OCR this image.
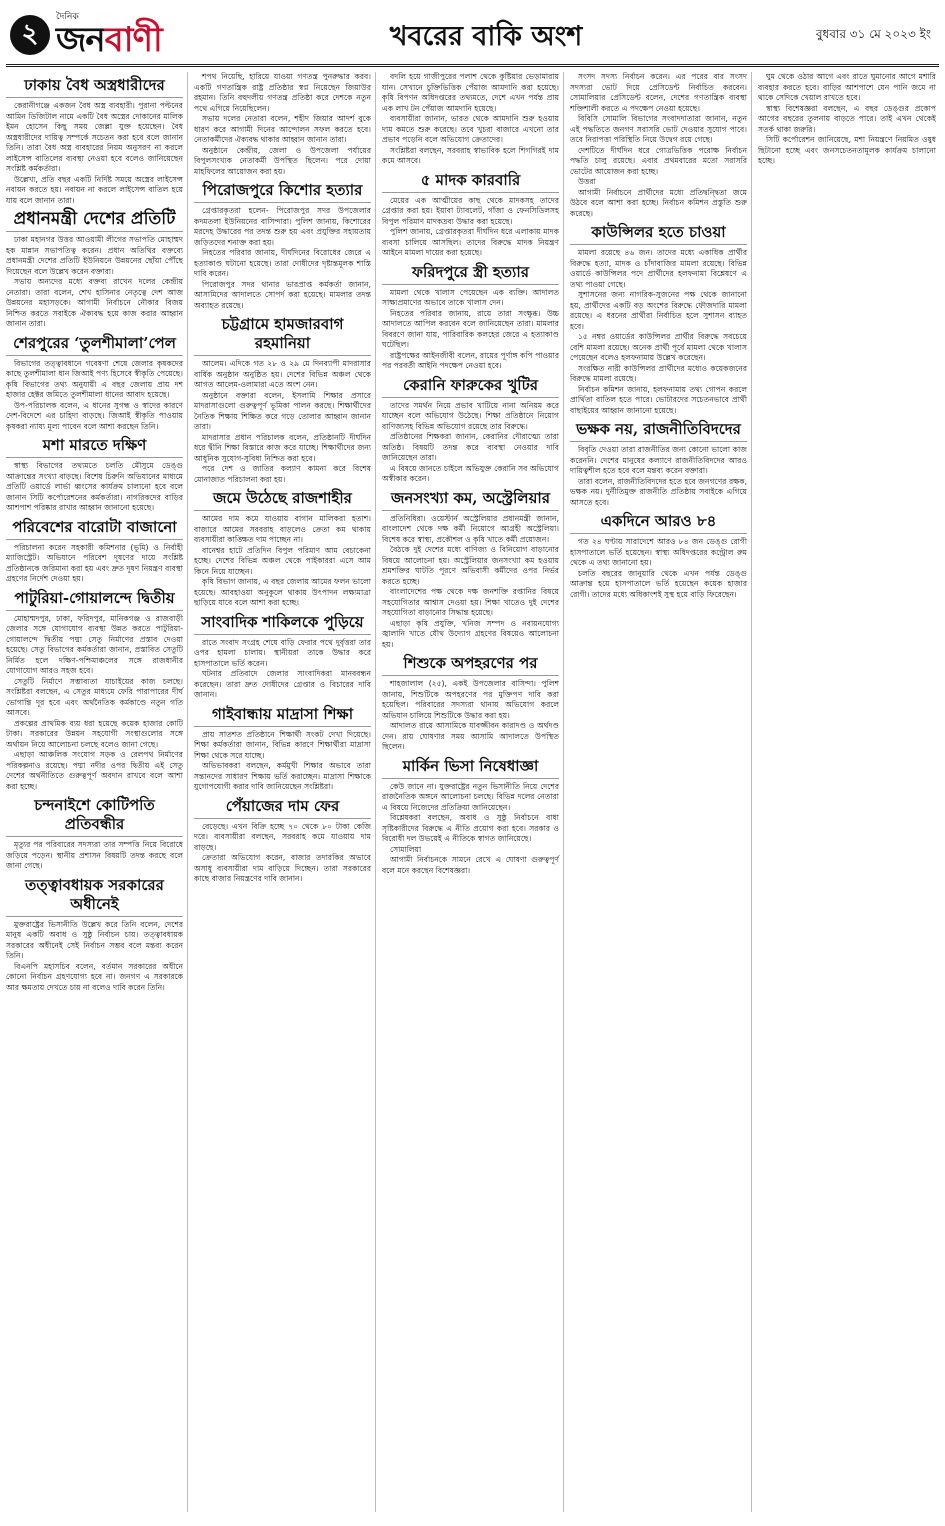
২
দৈনিক
জনবাণী	খবরের বাকি অংশ	বুধবার ৩১ মে ২০২৩ ইং
ঢাকায় বৈধ অস্ত্রধারীদের

কেরানীগঞ্জে একজন বৈধ অস্ত্র ব্যবহারী। পুরানা পল্টনের আমিন ডিজিটাল নামে একটি বৈধ অস্ত্রের দোকানের মালিক ইমন হোসেন কিছু সময় জেল্লা যুক্ত হয়েছেন। বৈধ অস্ত্রধারীদের দায়িত্ব সম্পর্কে সচেতন করা হবে বলে জানান তিনি। তারা বৈধ অস্ত্র ব্যবহারের নিয়ম অনুসরণ না করলে লাইসেন্স বাতিলের ব্যবস্থা নেওয়া হবে বলেও জানিয়েছেন সংশ্লিষ্ট কর্মকর্তারা।

উল্লেখ্য, প্রতি বছর একটি নির্দিষ্ট সময়ে অস্ত্রের লাইসেন্স নবায়ন করতে হয়। নবায়ন না করলে লাইসেন্স বাতিল হয়ে যায় বলে জানান তারা।

প্রধানমন্ত্রী দেশের প্রতিটি

ঢাকা মহানগর উত্তর আওয়ামী লীগের সভাপতি মোহাম্মদ হক মান্নান সভাপতিত্ব করেন। প্রধান অতিথির বক্তব্যে প্রধানমন্ত্রী দেশের প্রতিটি ইউনিয়নে উন্নয়নের ছোঁয়া পৌঁছে দিয়েছেন বলে উল্লেখ করেন বক্তারা।

সভায় অন্যদের মধ্যে বক্তব্য রাখেন দলের কেন্দ্রীয় নেতারা। তারা বলেন, শেখ হাসিনার নেতৃত্বে দেশ আজ উন্নয়নের মহাসড়কে। আগামী নির্বাচনে নৌকার বিজয় নিশ্চিত করতে সবাইকে ঐক্যবদ্ধ হয়ে কাজ করার আহ্বান জানান তারা।

শেরপুরের ‘তুলশীমালা’পেল

বিভাগের তত্ত্বাবধানে গবেষণা শেষে জেলার কৃষকদের কাছে তুলশীমালা ধান জিআই পণ্য হিসেবে স্বীকৃতি পেয়েছে। কৃষি বিভাগের তথ্য অনুযায়ী এ বছর জেলায় প্রায় দশ হাজার হেক্টর জমিতে তুলশীমালা ধানের আবাদ হয়েছে।

উপ-পরিচালক বলেন, এ ধানের সুগন্ধ ও স্বাদের কারণে দেশ-বিদেশে এর চাহিদা বাড়ছে। জিআই স্বীকৃতি পাওয়ায় কৃষকরা ন্যায্য মূল্য পাবেন বলে আশা করছেন তিনি।

মশা মারতে দক্ষিণ

স্বাস্থ্য বিভাগের তথ্যমতে চলতি মৌসুমে ডেঙ্গু আক্রান্তের সংখ্যা বাড়ছে। বিশেষ চিরুনি অভিযানের মাধ্যমে প্রতিটি ওয়ার্ডে লার্ভা ধ্বংসের কার্যক্রম চালানো হবে বলে জানান সিটি কর্পোরেশনের কর্মকর্তারা। নাগরিকদের বাড়ির আশপাশ পরিষ্কার রাখার আহ্বান জানানো হয়েছে।

পরিবেশের বারোটা বাজানো

পরিচালনা করেন সহকারী কমিশনার (ভূমি) ও নির্বাহী ম্যাজিস্ট্রেট। অভিযানে পরিবেশ দূষণের দায়ে সংশ্লিষ্ট প্রতিষ্ঠানকে জরিমানা করা হয় এবং দ্রুত দূষণ নিয়ন্ত্রণ ব্যবস্থা গ্রহণের নির্দেশ দেওয়া হয়।

পাটুরিয়া-গোয়ালন্দে দ্বিতীয়

মোহাম্মদপুর, ঢাকা, ফরিদপুর, মানিকগঞ্জ ও রাজবাড়ী জেলার সঙ্গে যোগাযোগ ব্যবস্থা উন্নত করতে পাটুরিয়া-গোয়ালন্দে দ্বিতীয় পদ্মা সেতু নির্মাণের প্রস্তাব দেওয়া হয়েছে। সেতু বিভাগের কর্মকর্তারা জানান, প্রস্তাবিত সেতুটি নির্মিত হলে দক্ষিণ-পশ্চিমাঞ্চলের সঙ্গে রাজধানীর যোগাযোগ আরও সহজ হবে।

সেতুটি নির্মাণে সম্ভাব্যতা যাচাইয়ের কাজ চলছে। সংশ্লিষ্টরা বলছেন, এ সেতুর মাধ্যমে ফেরি পারাপারের দীর্ঘ ভোগান্তি দূর হবে এবং অর্থনৈতিক কর্মকাণ্ডে নতুন গতি আসবে।

প্রকল্পের প্রাথমিক ব্যয় ধরা হয়েছে কয়েক হাজার কোটি টাকা। সরকারের উন্নয়ন সহযোগী সংস্থাগুলোর সঙ্গে অর্থায়ন নিয়ে আলোচনা চলছে বলেও জানা গেছে।

এছাড়া আঞ্চলিক সংযোগ সড়ক ও রেলপথ নির্মাণের পরিকল্পনাও রয়েছে। পদ্মা নদীর ওপর দ্বিতীয় এই সেতু দেশের অর্থনীতিতে গুরুত্বপূর্ণ অবদান রাখবে বলে আশা করা হচ্ছে।

চন্দনাইশে কোটিপতি প্রতিবন্ধীর

মৃত্যুর পর পরিবারের সদস্যরা তার সম্পত্তি নিয়ে বিরোধে জড়িয়ে পড়েন। স্থানীয় প্রশাসন বিষয়টি তদন্ত করছে বলে জানা গেছে।

তত্ত্বাবধায়ক সরকারের অধীনেই

মুক্তরাষ্ট্রের ভিসানীতি উল্লেখ করে তিনি বলেন, দেশের মানুষ একটি অবাধ ও সুষ্ঠু নির্বাচন চায়। তত্ত্বাবধায়ক সরকারের অধীনেই সেই নির্বাচন সম্ভব বলে মন্তব্য করেন তিনি।

বিএনপি মহাসচিব বলেন, বর্তমান সরকারের অধীনে কোনো নির্বাচন গ্রহণযোগ্য হবে না। জনগণ এ সরকারকে আর ক্ষমতায় দেখতে চায় না বলেও দাবি করেন তিনি।

শপথ নিয়েছি, হারিয়ে যাওয়া গণতন্ত্র পুনরুদ্ধার করব। একটি গণতান্ত্রিক রাষ্ট্র প্রতিষ্ঠার স্বপ্ন নিয়েছেন জিয়াউর রহমান। তিনি বহুদলীয় গণতন্ত্র প্রতিষ্ঠা করে দেশকে নতুন পথে এগিয়ে নিয়েছিলেন।

সভায় দলের নেতারা বলেন, শহীদ জিয়ার আদর্শ বুকে ধারণ করে আগামী দিনের আন্দোলন সফল করতে হবে। নেতাকর্মীদের ঐক্যবদ্ধ থাকার আহ্বান জানান তারা।

অনুষ্ঠানে কেন্দ্রীয়, জেলা ও উপজেলা পর্যায়ের বিপুলসংখ্যক নেতাকর্মী উপস্থিত ছিলেন। পরে দোয়া মাহফিলের আয়োজন করা হয়।

পিরোজপুরে কিশোর হত্যার

গ্রেপ্তারকৃতরা হলেন- পিরোজপুর সদর উপজেলার কদমতলা ইউনিয়নের বাসিন্দারা। পুলিশ জানায়, কিশোরের মরদেহ উদ্ধারের পর তদন্ত শুরু হয় এবং প্রযুক্তির সহায়তায় জড়িতদের শনাক্ত করা হয়।

নিহতের পরিবার জানায়, দীর্ঘদিনের বিরোধের জেরে এ হত্যাকাণ্ড ঘটানো হয়েছে। তারা দোষীদের দৃষ্টান্তমূলক শাস্তি দাবি করেন।

পিরোজপুর সদর থানার ভারপ্রাপ্ত কর্মকর্তা জানান, আসামিদের আদালতে সোপর্দ করা হয়েছে। মামলার তদন্ত অব্যাহত রয়েছে।

চট্টগ্রামে হামজারবাগ রহমানিয়া

আলেম। এদিকে গত ২৮ ও ২৯ মে দিনব্যাপী মাদরাসার বার্ষিক অনুষ্ঠান অনুষ্ঠিত হয়। দেশের বিভিন্ন অঞ্চল থেকে আগত আলেম-ওলামারা এতে অংশ নেন।

অনুষ্ঠানে বক্তারা বলেন, ইসলামি শিক্ষার প্রসারে মাদরাসাগুলো গুরুত্বপূর্ণ ভূমিকা পালন করছে। শিক্ষার্থীদের নৈতিক শিক্ষায় শিক্ষিত করে গড়ে তোলার আহ্বান জানান তারা।

মাদরাসার প্রধান পরিচালক বলেন, প্রতিষ্ঠানটি দীর্ঘদিন ধরে দ্বীনি শিক্ষা বিস্তারে কাজ করে যাচ্ছে। শিক্ষার্থীদের জন্য আধুনিক সুযোগ-সুবিধা নিশ্চিত করা হবে।

পরে দেশ ও জাতির কল্যাণ কামনা করে বিশেষ মোনাজাত পরিচালনা করা হয়।

জমে উঠেছে রাজশাহীর

আমের দাম কমে যাওয়ায় বাগান মালিকরা হতাশ। বাজারে আমের সরবরাহ বাড়লেও ক্রেতা কম থাকায় ব্যবসায়ীরা কাঙ্ক্ষিত দাম পাচ্ছেন না।

বানেশ্বর হাটে প্রতিদিন বিপুল পরিমাণ আম বেচাকেনা হচ্ছে। দেশের বিভিন্ন অঞ্চল থেকে পাইকাররা এসে আম কিনে নিয়ে যাচ্ছেন।

কৃষি বিভাগ জানায়, এ বছর জেলায় আমের ফলন ভালো হয়েছে। আবহাওয়া অনুকূলে থাকায় উৎপাদন লক্ষ্যমাত্রা ছাড়িয়ে যাবে বলে আশা করা হচ্ছে।

সাংবাদিক শাকিলকে পুড়িয়ে

রাতে সংবাদ সংগ্রহ শেষে বাড়ি ফেরার পথে দুর্বৃত্তরা তার ওপর হামলা চালায়। স্থানীয়রা তাকে উদ্ধার করে হাসপাতালে ভর্তি করেন।

ঘটনার প্রতিবাদে জেলার সাংবাদিকরা মানববন্ধন করেছেন। তারা দ্রুত দোষীদের গ্রেপ্তার ও বিচারের দাবি জানান।

গাইবান্ধায় মাদ্রাসা শিক্ষা

প্রায় সাতশত প্রতিষ্ঠানে শিক্ষার্থী সংকট দেখা দিয়েছে। শিক্ষা কর্মকর্তারা জানান, বিভিন্ন কারণে শিক্ষার্থীরা মাদ্রাসা শিক্ষা থেকে সরে যাচ্ছে।

অভিভাবকরা বলছেন, কর্মমুখী শিক্ষার অভাবে তারা সন্তানদের সাধারণ শিক্ষায় ভর্তি করাচ্ছেন। মাদ্রাসা শিক্ষাকে যুগোপযোগী করার দাবি জানিয়েছেন সংশ্লিষ্টরা।

পেঁয়াজের দাম ফের

বেড়েছে। এখন বিক্রি হচ্ছে ৭০ থেকে ৮০ টাকা কেজি দরে। ব্যবসায়ীরা বলছেন, সরবরাহ কমে যাওয়ায় দাম বাড়ছে।

ক্রেতারা অভিযোগ করেন, বাজার তদারকির অভাবে অসাধু ব্যবসায়ীরা দাম বাড়িয়ে দিচ্ছেন। তারা সরকারের কাছে বাজার নিয়ন্ত্রণের দাবি জানান।

বদলি হয়ে গাজীপুরের পলাশ থেকে কুষ্টিয়ার ভেড়ামারায় যান। সেখানে চুক্তিভিত্তিক পেঁয়াজ আমদানি করা হয়েছে। কৃষি বিপণন অধিদপ্তরের তথ্যমতে, দেশে এখন পর্যন্ত প্রায় এক লাখ টন পেঁয়াজ আমদানি হয়েছে।

ব্যবসায়ীরা জানান, ভারত থেকে আমদানি শুরু হওয়ায় দাম কমতে শুরু করেছে। তবে খুচরা বাজারে এখনো তার প্রভাব পড়েনি বলে অভিযোগ ক্রেতাদের।

সংশ্লিষ্টরা বলছেন, সরবরাহ স্বাভাবিক হলে শিগগিরই দাম কমে আসবে।

৫ মাদক কারবারি

মেয়ের এক আত্মীয়ের কাছ থেকে মাদকসহ তাদের গ্রেপ্তার করা হয়। ইয়াবা ট্যাবলেট, গাঁজা ও ফেনসিডিলসহ বিপুল পরিমাণ মাদকদ্রব্য উদ্ধার করা হয়েছে।

পুলিশ জানায়, গ্রেপ্তারকৃতরা দীর্ঘদিন ধরে এলাকায় মাদক ব্যবসা চালিয়ে আসছিল। তাদের বিরুদ্ধে মাদক নিয়ন্ত্রণ আইনে মামলা দায়ের করা হয়েছে।

ফরিদপুরে স্ত্রী হত্যার

মামলা থেকে খালাস পেয়েছেন এক ব্যক্তি। আদালত সাক্ষ্যপ্রমাণের অভাবে তাকে খালাস দেন।

নিহতের পরিবার জানায়, রায়ে তারা সংক্ষুব্ধ। উচ্চ আদালতে আপিল করবেন বলে জানিয়েছেন তারা। মামলার বিবরণে জানা যায়, পারিবারিক কলহের জেরে এ হত্যাকাণ্ড ঘটেছিল।

রাষ্ট্রপক্ষের আইনজীবী বলেন, রায়ের পূর্ণাঙ্গ কপি পাওয়ার পর পরবর্তী আইনি পদক্ষেপ নেওয়া হবে।

কেরানি ফারুকের খুটির

তাদের সমর্থন নিয়ে প্রভাব খাটিয়ে নানা অনিয়ম করে যাচ্ছেন বলে অভিযোগ উঠেছে। শিক্ষা প্রতিষ্ঠানে নিয়োগ বাণিজ্যসহ বিভিন্ন অভিযোগ রয়েছে তার বিরুদ্ধে।

প্রতিষ্ঠানের শিক্ষকরা জানান, কেরানির দৌরাত্ম্যে তারা অতিষ্ঠ। বিষয়টি তদন্ত করে ব্যবস্থা নেওয়ার দাবি জানিয়েছেন তারা।

এ বিষয়ে জানতে চাইলে অভিযুক্ত কেরানি সব অভিযোগ অস্বীকার করেন।

জনসংখ্যা কম, অস্ট্রেলিয়ার

প্রতিনিধিরা। ওয়েস্টার্ন অস্ট্রেলিয়ার প্রধানমন্ত্রী জানান, বাংলাদেশ থেকে দক্ষ কর্মী নিয়োগে আগ্রহী অস্ট্রেলিয়া। বিশেষ করে স্বাস্থ্য, প্রকৌশল ও কৃষি খাতে কর্মী প্রয়োজন।

বৈঠকে দুই দেশের মধ্যে বাণিজ্য ও বিনিয়োগ বাড়ানোর বিষয়ে আলোচনা হয়। অস্ট্রেলিয়ার জনসংখ্যা কম হওয়ায় শ্রমশক্তির ঘাটতি পূরণে অভিবাসী কর্মীদের ওপর নির্ভর করতে হচ্ছে।

বাংলাদেশের পক্ষ থেকে দক্ষ জনশক্তি রপ্তানির বিষয়ে সহযোগিতার আশ্বাস দেওয়া হয়। শিক্ষা খাতেও দুই দেশের সহযোগিতা বাড়ানোর সিদ্ধান্ত হয়েছে।

এছাড়া কৃষি প্রযুক্তি, খনিজ সম্পদ ও নবায়নযোগ্য জ্বালানি খাতে যৌথ উদ্যোগ গ্রহণের বিষয়েও আলোচনা হয়।

শিশুকে অপহরণের পর

শাহজালাল (২৫), একই উপজেলার বাসিন্দা। পুলিশ জানায়, শিশুটিকে অপহরণের পর মুক্তিপণ দাবি করা হয়েছিল। পরিবারের সদস্যরা থানায় অভিযোগ করলে অভিযান চালিয়ে শিশুটিকে উদ্ধার করা হয়।

আদালত রায়ে আসামিকে যাবজ্জীবন কারাদণ্ড ও অর্থদণ্ড দেন। রায় ঘোষণার সময় আসামি আদালতে উপস্থিত ছিলেন।

মার্কিন ভিসা নিষেধাজ্ঞা

কেউ জানে না। যুক্তরাষ্ট্রের নতুন ভিসানীতি নিয়ে দেশের রাজনৈতিক অঙ্গনে আলোচনা চলছে। বিভিন্ন দলের নেতারা এ বিষয়ে নিজেদের প্রতিক্রিয়া জানিয়েছেন।

বিশ্লেষকরা বলছেন, অবাধ ও সুষ্ঠু নির্বাচনে বাধা সৃষ্টিকারীদের বিরুদ্ধে এ নীতি প্রয়োগ করা হবে। সরকার ও বিরোধী দল উভয়েই এ নীতিকে স্বাগত জানিয়েছে।

সোমালিয়া

আগামী নির্বাচনকে সামনে রেখে এ ঘোষণা গুরুত্বপূর্ণ বলে মনে করছেন বিশেষজ্ঞরা।

সংসদ সদস্য নির্বাচন করেন। এর পরের বার সংসদ সদস্যরা ভোট দিয়ে প্রেসিডেন্ট নির্বাচিত করবেন। সোমালিয়ার প্রেসিডেন্ট বলেন, দেশের গণতান্ত্রিক ব্যবস্থা শক্তিশালী করতে এ পদক্ষেপ নেওয়া হয়েছে।

বিবিসি সোমালি বিভাগের সংবাদদাতারা জানান, নতুন এই পদ্ধতিতে জনগণ সরাসরি ভোট দেওয়ার সুযোগ পাবে। তবে নিরাপত্তা পরিস্থিতি নিয়ে উদ্বেগ রয়ে গেছে।

দেশটিতে দীর্ঘদিন ধরে গোত্রভিত্তিক পরোক্ষ নির্বাচন পদ্ধতি চালু রয়েছে। এবার প্রথমবারের মতো সরাসরি ভোটের আয়োজন করা হচ্ছে।

উত্তরা

আগামী নির্বাচনে প্রার্থীদের মধ্যে প্রতিদ্বন্দ্বিতা জমে উঠবে বলে আশা করা হচ্ছে। নির্বাচন কমিশন প্রস্তুতি শুরু করেছে।

কাউন্সিলর হতে চাওয়া

মামলা রয়েছে ৪৬ জন। তাদের মধ্যে একাধিক প্রার্থীর বিরুদ্ধে হত্যা, মাদক ও চাঁদাবাজির মামলা রয়েছে। বিভিন্ন ওয়ার্ডে কাউন্সিলর পদে প্রার্থীদের হলফনামা বিশ্লেষণে এ তথ্য পাওয়া গেছে।

সুশাসনের জন্য নাগরিক-সুজনের পক্ষ থেকে জানানো হয়, প্রার্থীদের একটি বড় অংশের বিরুদ্ধে ফৌজদারি মামলা রয়েছে। এ ধরনের প্রার্থীরা নির্বাচিত হলে সুশাসন ব্যাহত হবে।

১৫ নম্বর ওয়ার্ডের কাউন্সিলর প্রার্থীর বিরুদ্ধে সবচেয়ে বেশি মামলা রয়েছে। অনেক প্রার্থী পূর্বে মামলা থেকে খালাস পেয়েছেন বলেও হলফনামায় উল্লেখ করেছেন।

সংরক্ষিত নারী কাউন্সিলর প্রার্থীদের মধ্যেও কয়েকজনের বিরুদ্ধে মামলা রয়েছে।

নির্বাচন কমিশন জানায়, হলফনামায় তথ্য গোপন করলে প্রার্থিতা বাতিল হতে পারে। ভোটারদের সচেতনভাবে প্রার্থী বাছাইয়ের আহ্বান জানানো হয়েছে।

ভক্ষক নয়, রাজনীতিবিদদের

বিবৃতি দেওয়া তারা রাজনীতির জন্য কোনো ভালো কাজ করেননি। দেশের মানুষের কল্যাণে রাজনীতিবিদদের আরও দায়িত্বশীল হতে হবে বলে মন্তব্য করেন বক্তারা।

তারা বলেন, রাজনীতিবিদদের হতে হবে জনগণের রক্ষক, ভক্ষক নয়। দুর্নীতিমুক্ত রাজনীতি প্রতিষ্ঠায় সবাইকে এগিয়ে আসতে হবে।

একদিনে আরও ৮৪

গত ২৪ ঘণ্টায় সারাদেশে আরও ৮৪ জন ডেঙ্গু রোগী হাসপাতালে ভর্তি হয়েছেন। স্বাস্থ্য অধিদপ্তরের কন্ট্রোল রুম থেকে এ তথ্য জানানো হয়।

চলতি বছরের জানুয়ারি থেকে এখন পর্যন্ত ডেঙ্গু আক্রান্ত হয়ে হাসপাতালে ভর্তি হয়েছেন কয়েক হাজার রোগী। তাদের মধ্যে অধিকাংশই সুস্থ হয়ে বাড়ি ফিরেছেন।

ঘুম থেকে ওঠার আগে এবং রাতে ঘুমানোর আগে মশারি ব্যবহার করতে হবে। বাড়ির আশপাশে যেন পানি জমে না থাকে সেদিকে খেয়াল রাখতে হবে।

স্বাস্থ্য বিশেষজ্ঞরা বলছেন, এ বছর ডেঙ্গুর প্রকোপ আগের বছরের তুলনায় বাড়তে পারে। তাই এখন থেকেই সতর্ক থাকা জরুরি।

সিটি কর্পোরেশন জানিয়েছে, মশা নিয়ন্ত্রণে নিয়মিত ওষুধ ছিটানো হচ্ছে এবং জনসচেতনতামূলক কার্যক্রম চালানো হচ্ছে।
